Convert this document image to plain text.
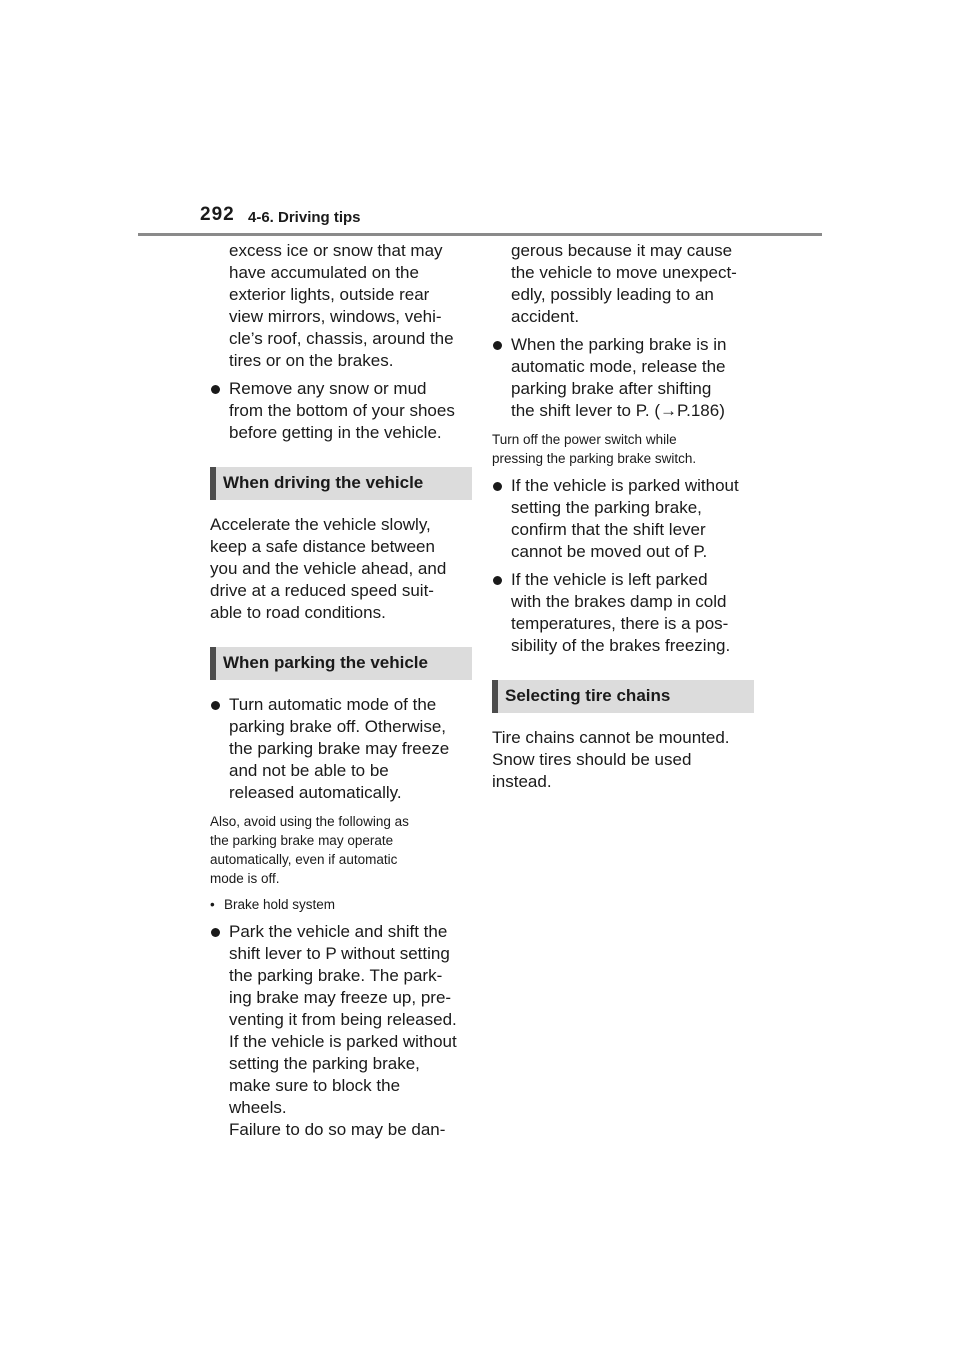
292 4-6. Driving tips
excess ice or snow that may
have accumulated on the
exterior lights, outside rear
view mirrors, windows, vehi-
cle’s roof, chassis, around the
tires or on the brakes.
Remove any snow or mud
from the bottom of your shoes
before getting in the vehicle.
When driving the vehicle
Accelerate the vehicle slowly,
keep a safe distance between
you and the vehicle ahead, and
drive at a reduced speed suit-
able to road conditions.
When parking the vehicle
Turn automatic mode of the
parking brake off. Otherwise,
the parking brake may freeze
and not be able to be
released automatically.
Also, avoid using the following as
the parking brake may operate
automatically, even if automatic
mode is off.
• Brake hold system
Park the vehicle and shift the
shift lever to P without setting
the parking brake. The park-
ing brake may freeze up, pre-
venting it from being released.
If the vehicle is parked without
setting the parking brake,
make sure to block the
wheels.
Failure to do so may be dan-
gerous because it may cause
the vehicle to move unexpect-
edly, possibly leading to an
accident.
When the parking brake is in
automatic mode, release the
parking brake after shifting
the shift lever to P. (→P.186)
Turn off the power switch while
pressing the parking brake switch.
If the vehicle is parked without
setting the parking brake,
confirm that the shift lever
cannot be moved out of P.
If the vehicle is left parked
with the brakes damp in cold
temperatures, there is a pos-
sibility of the brakes freezing.
Selecting tire chains
Tire chains cannot be mounted.
Snow tires should be used
instead.
